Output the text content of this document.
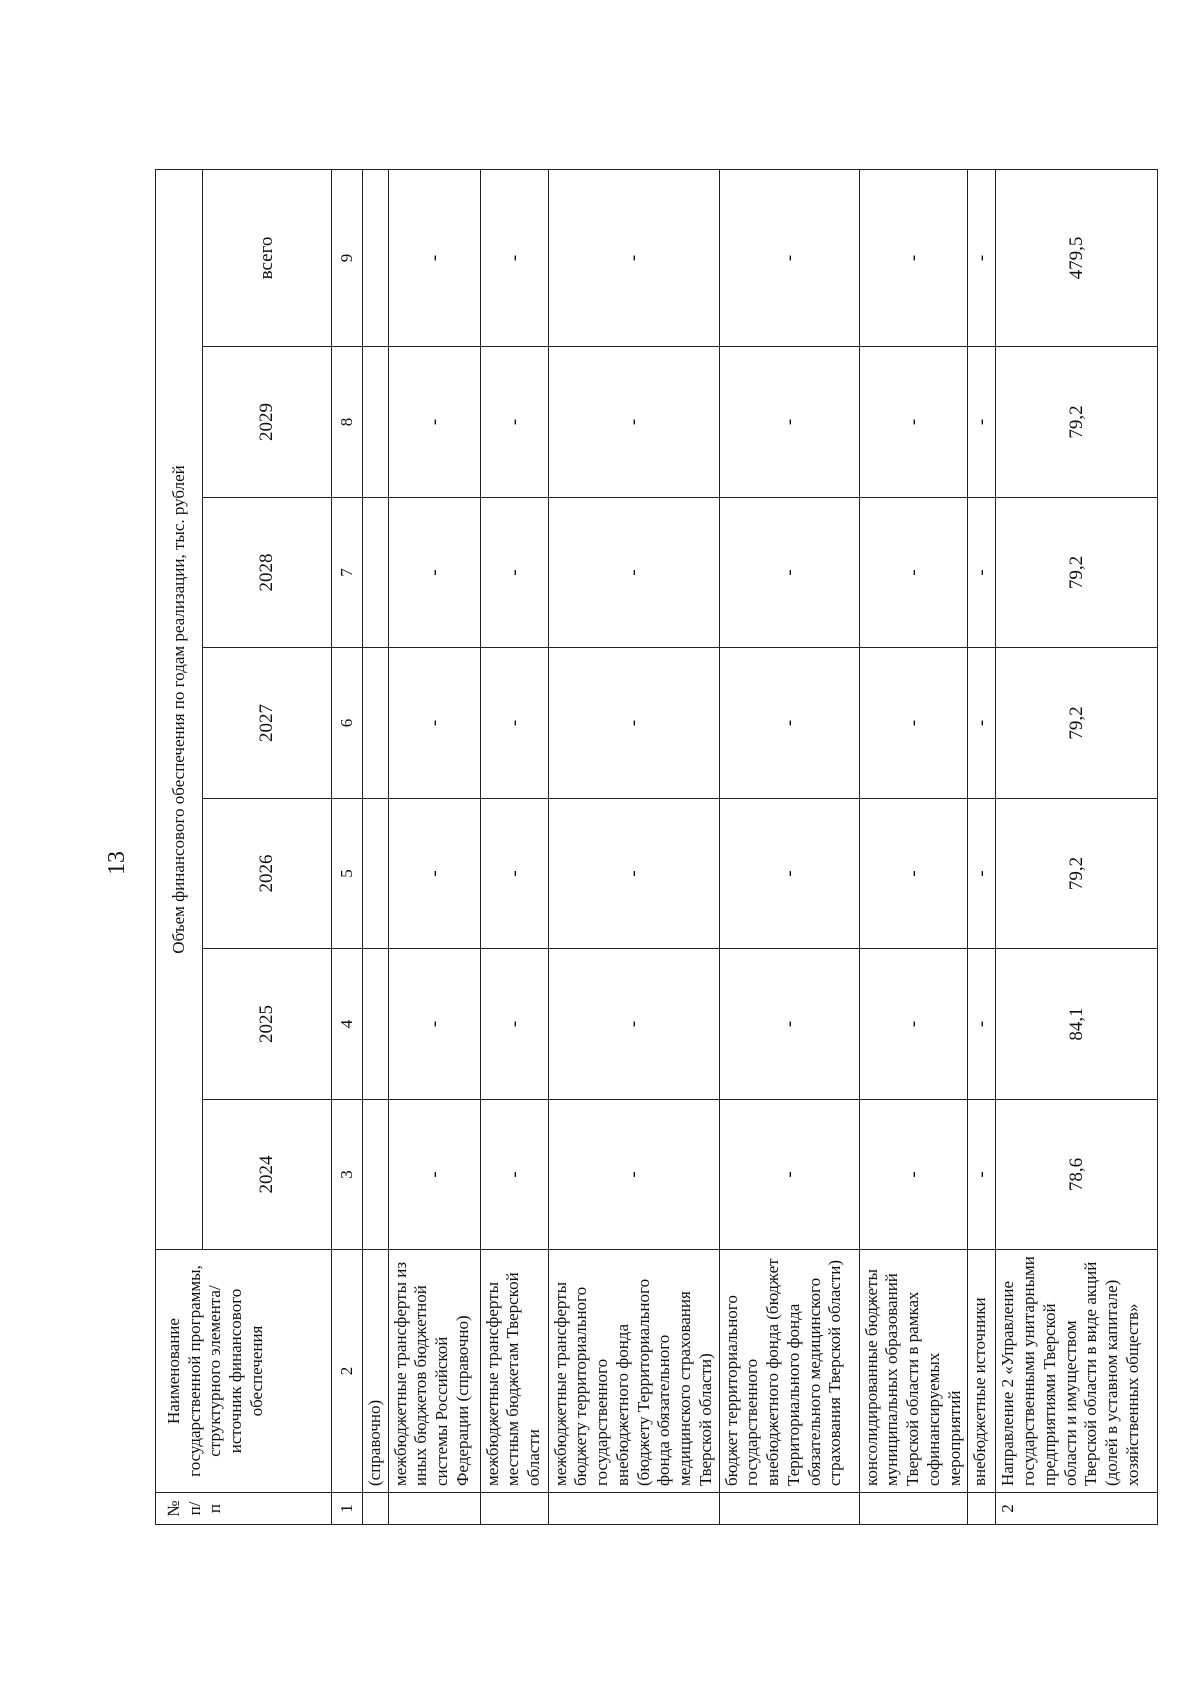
13
№ п/п	Наименование государственной программы, структурного элемента/ источник финансового обеспечения	Объем финансового обеспечения по годам реализации, тыс. рублей						
		2024	2025	2026	2027	2028	2029	всего
1	2	3	4	5	6	7	8	9
	(справочно)							
	межбюджетные трансферты из иных бюджетов бюджетной системы Российской Федерации (справочно)	-	-	-	-	-	-	-
	межбюджетные трансферты местным бюджетам Тверской области	-	-	-	-	-	-	-
	межбюджетные трансферты бюджету территориального государственного внебюджетного фонда (бюджету Территориального фонда обязательного медицинского страхования Тверской области)	-	-	-	-	-	-	-
	бюджет территориального государственного внебюджетного фонда (бюджет Территориального фонда обязательного медицинского страхования Тверской области)	-	-	-	-	-	-	-
	консолидированные бюджеты муниципальных образований Тверской области в рамках софинансируемых мероприятий	-	-	-	-	-	-	-
	внебюджетные источники	-	-	-	-	-	-	-
2	Направление 2 «Управление государственными унитарными предприятиями Тверской области и имуществом Тверской области в виде акций (долей в уставном капитале) хозяйственных обществ»	78,6	84,1	79,2	79,2	79,2	79,2	479,5
